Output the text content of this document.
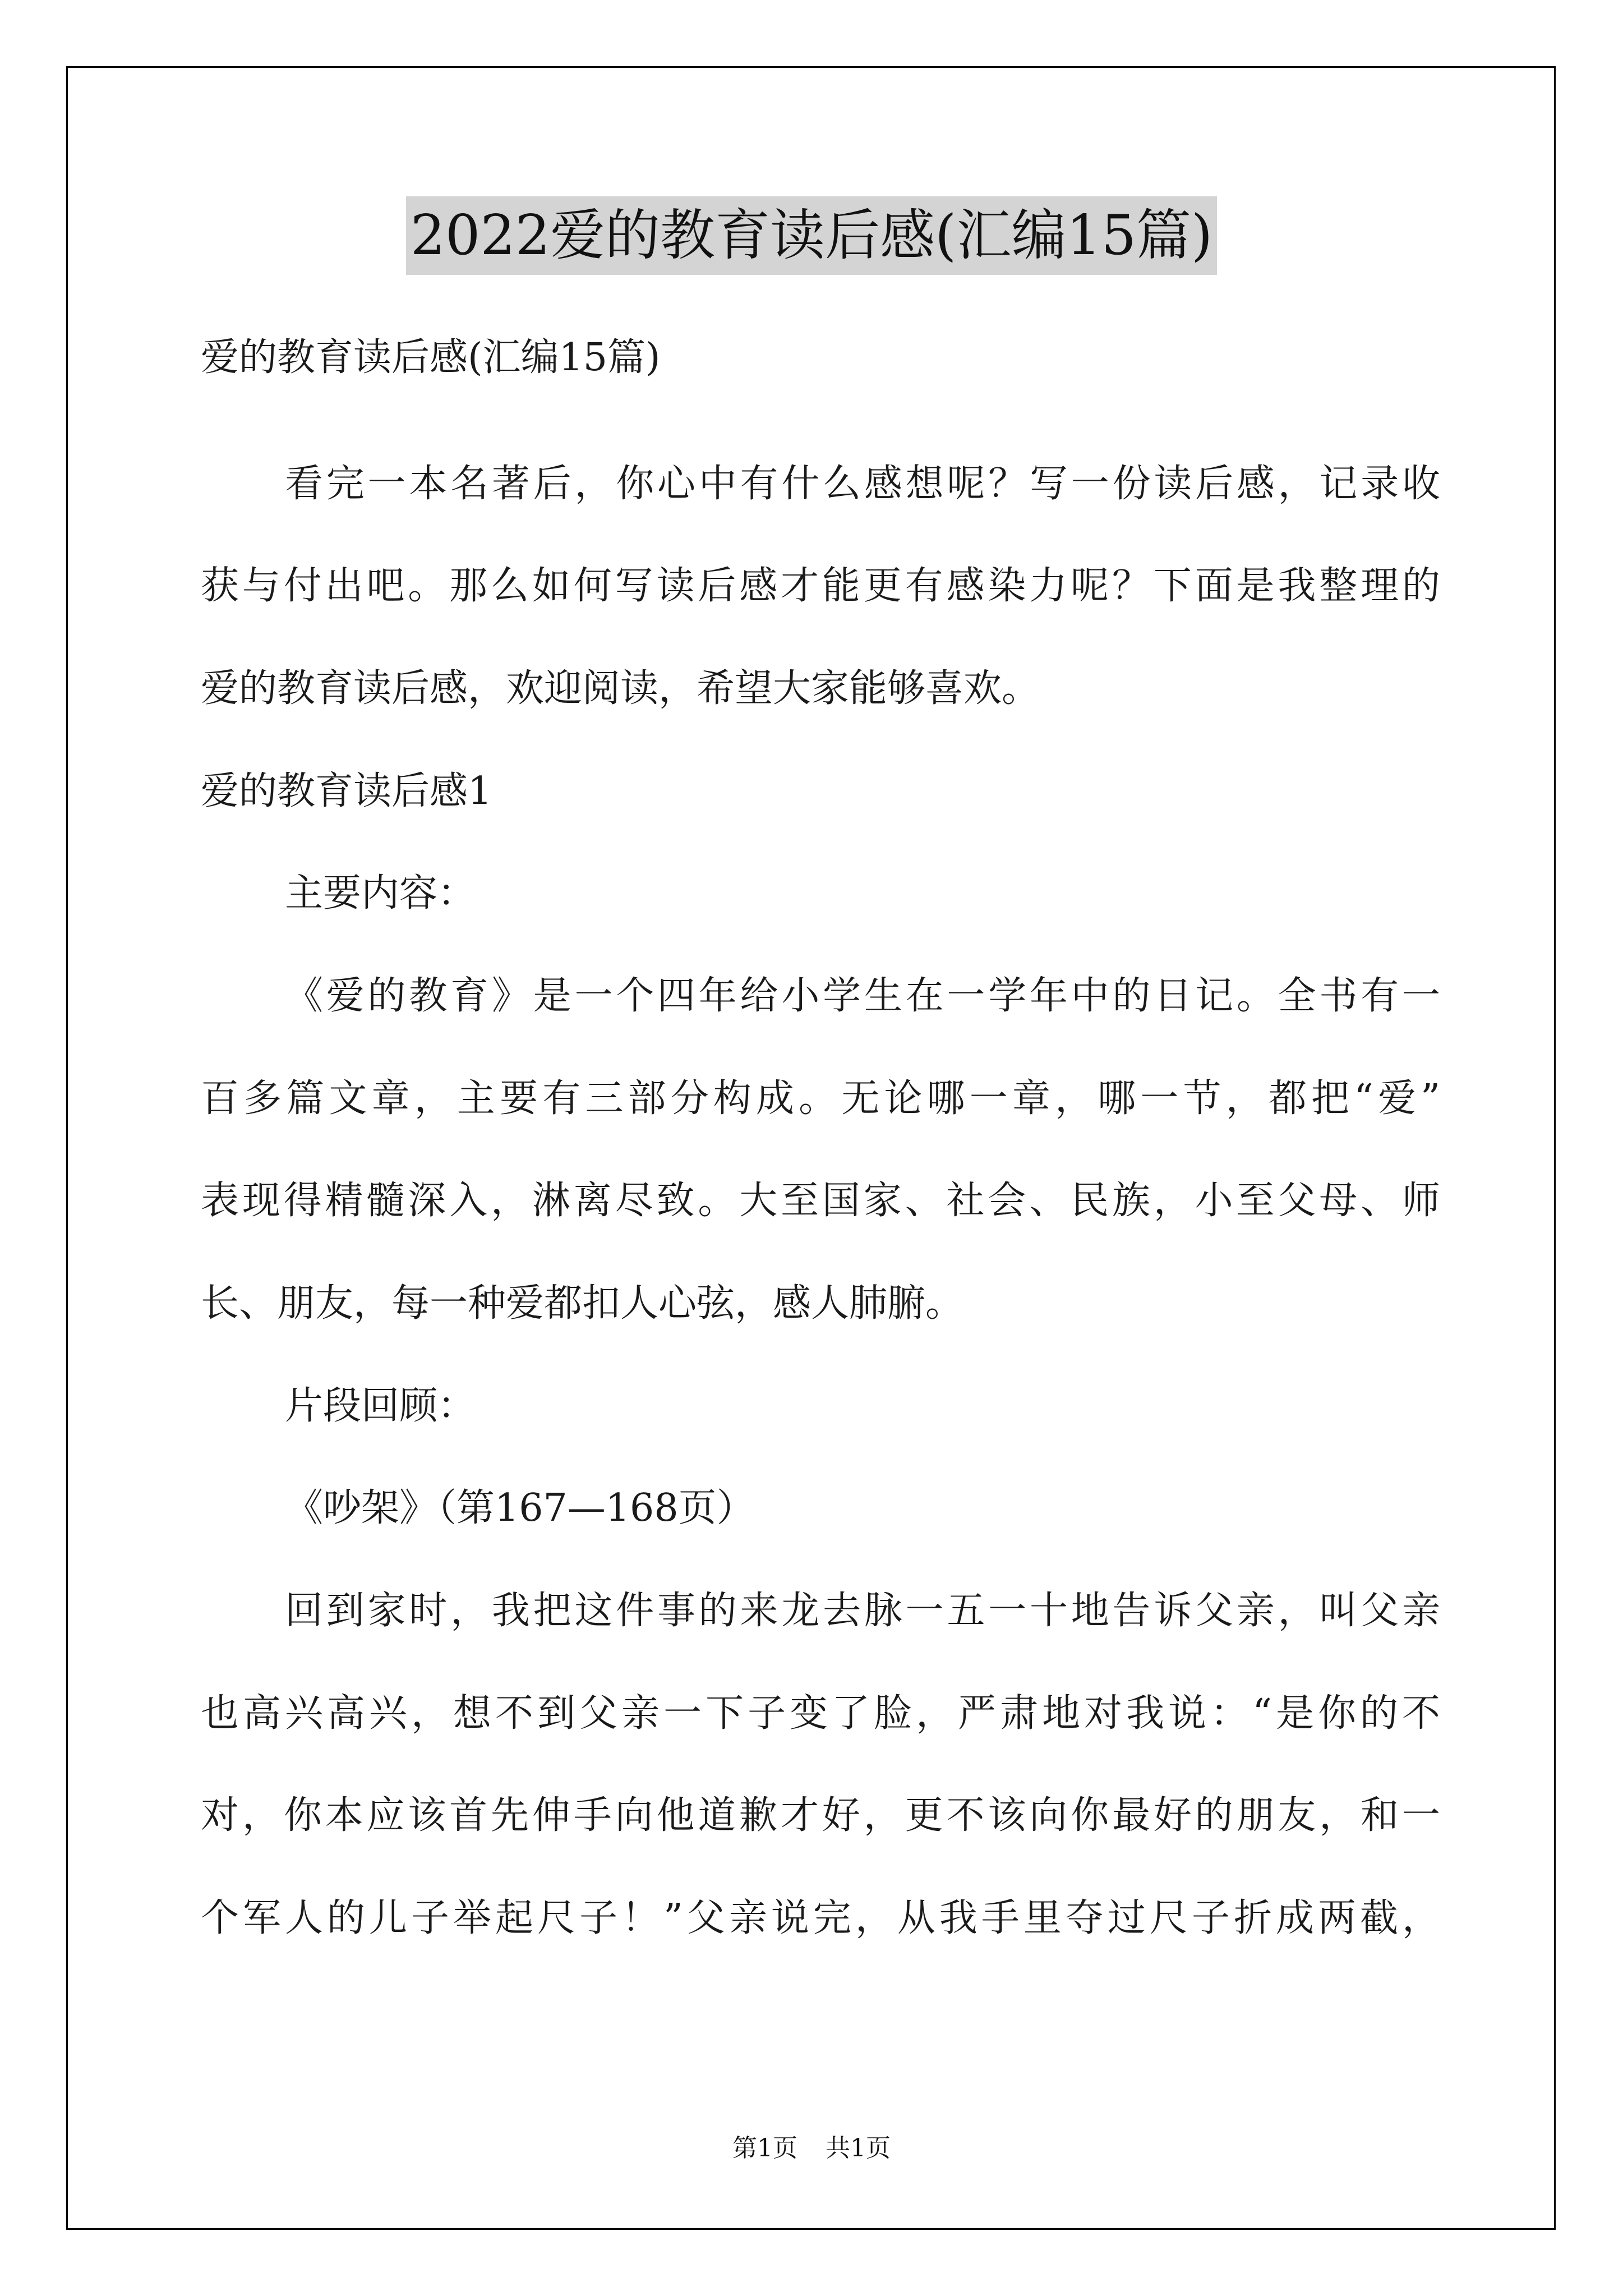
2022爱的教育读后感(汇编15篇)
爱的教育读后感(汇编15篇)
看完一本名著后，你心中有什么感想呢？写一份读后感，记录收
获与付出吧。那么如何写读后感才能更有感染力呢？下面是我整理的
爱的教育读后感，欢迎阅读，希望大家能够喜欢。
爱的教育读后感1
主要内容：
《爱的教育》是一个四年给小学生在一学年中的日记。全书有一
百多篇文章，主要有三部分构成。无论哪一章，哪一节，都把“爱”
表现得精髓深入，淋离尽致。大至国家、社会、民族，小至父母、师
长、朋友，每一种爱都扣人心弦，感人肺腑。
片段回顾：
《吵架》（第167—168页）
回到家时，我把这件事的来龙去脉一五一十地告诉父亲，叫父亲
也高兴高兴，想不到父亲一下子变了脸，严肃地对我说：“是你的不
对，你本应该首先伸手向他道歉才好，更不该向你最好的朋友，和一
个军人的儿子举起尺子！”父亲说完，从我手里夺过尺子折成两截，
第1页 共1页
